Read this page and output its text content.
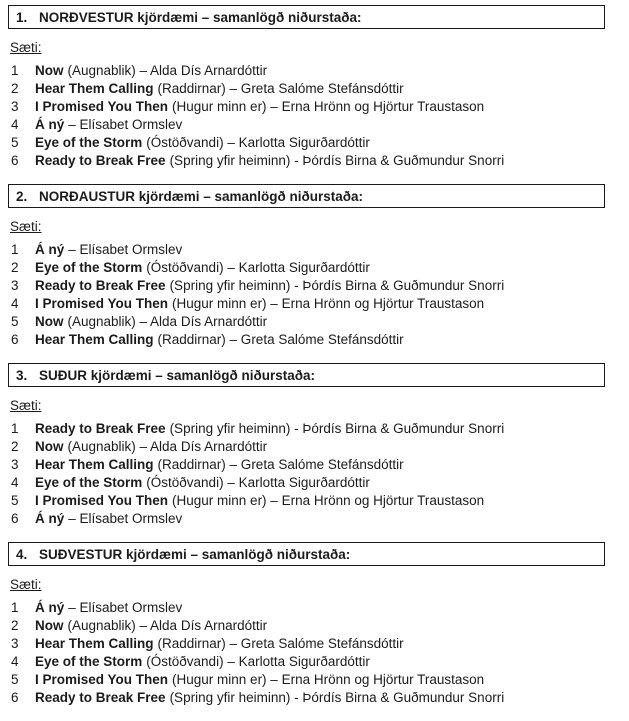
1. NORÐVESTUR kjördæmi – samanlögð niðurstaða:
Sæti:
1	Now (Augnablik) – Alda Dís Arnardóttir
2	Hear Them Calling (Raddirnar) – Greta Salóme Stefánsdóttir
3	I Promised You Then (Hugur minn er) – Erna Hrönn og Hjörtur Traustason
4	Á ný – Elísabet Ormslev
5	Eye of the Storm (Óstöðvandi) – Karlotta Sigurðardóttir
6	Ready to Break Free (Spring yfir heiminn) - Þórdís Birna & Guðmundur Snorri
2. NORÐAUSTUR kjördæmi – samanlögð niðurstaða:
Sæti:
1	Á ný – Elísabet Ormslev
2	Eye of the Storm (Óstöðvandi) – Karlotta Sigurðardóttir
3	Ready to Break Free (Spring yfir heiminn) - Þórdís Birna & Guðmundur Snorri
4	I Promised You Then (Hugur minn er) – Erna Hrönn og Hjörtur Traustason
5	Now (Augnablik) – Alda Dís Arnardóttir
6	Hear Them Calling (Raddirnar) – Greta Salóme Stefánsdóttir
3. SUÐUR kjördæmi – samanlögð niðurstaða:
Sæti:
1	Ready to Break Free (Spring yfir heiminn) - Þórdís Birna & Guðmundur Snorri
2	Now (Augnablik) – Alda Dís Arnardóttir
3	Hear Them Calling (Raddirnar) – Greta Salóme Stefánsdóttir
4	Eye of the Storm (Óstöðvandi) – Karlotta Sigurðardóttir
5	I Promised You Then (Hugur minn er) – Erna Hrönn og Hjörtur Traustason
6	Á ný – Elísabet Ormslev
4. SUÐVESTUR kjördæmi – samanlögð niðurstaða:
Sæti:
1	Á ný – Elísabet Ormslev
2	Now (Augnablik) – Alda Dís Arnardóttir
3	Hear Them Calling (Raddirnar) – Greta Salóme Stefánsdóttir
4	Eye of the Storm (Óstöðvandi) – Karlotta Sigurðardóttir
5	I Promised You Then (Hugur minn er) – Erna Hrönn og Hjörtur Traustason
6	Ready to Break Free (Spring yfir heiminn) - Þórdís Birna & Guðmundur Snorri
